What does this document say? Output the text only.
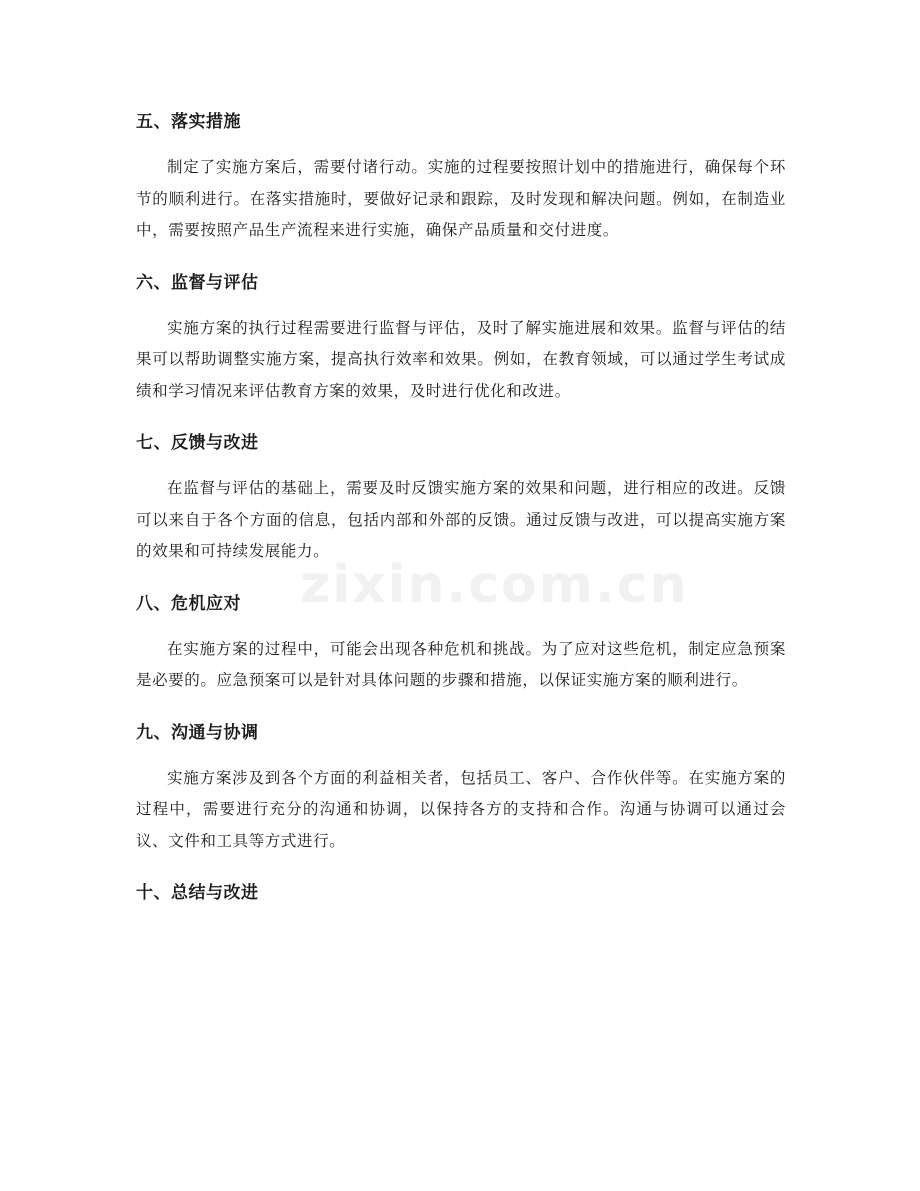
五、落实措施

制定了实施方案后，需要付诸行动。实施的过程要按照计划中的措施进行，确保每个环节的顺利进行。在落实措施时，要做好记录和跟踪，及时发现和解决问题。例如，在制造业中，需要按照产品生产流程来进行实施，确保产品质量和交付进度。

六、监督与评估

实施方案的执行过程需要进行监督与评估，及时了解实施进展和效果。监督与评估的结果可以帮助调整实施方案，提高执行效率和效果。例如，在教育领域，可以通过学生考试成绩和学习情况来评估教育方案的效果，及时进行优化和改进。

七、反馈与改进

在监督与评估的基础上，需要及时反馈实施方案的效果和问题，进行相应的改进。反馈可以来自于各个方面的信息，包括内部和外部的反馈。通过反馈与改进，可以提高实施方案的效果和可持续发展能力。

八、危机应对

在实施方案的过程中，可能会出现各种危机和挑战。为了应对这些危机，制定应急预案是必要的。应急预案可以是针对具体问题的步骤和措施，以保证实施方案的顺利进行。

九、沟通与协调

实施方案涉及到各个方面的利益相关者，包括员工、客户、合作伙伴等。在实施方案的过程中，需要进行充分的沟通和协调，以保持各方的支持和合作。沟通与协调可以通过会议、文件和工具等方式进行。

十、总结与改进
zixin.com.cn
